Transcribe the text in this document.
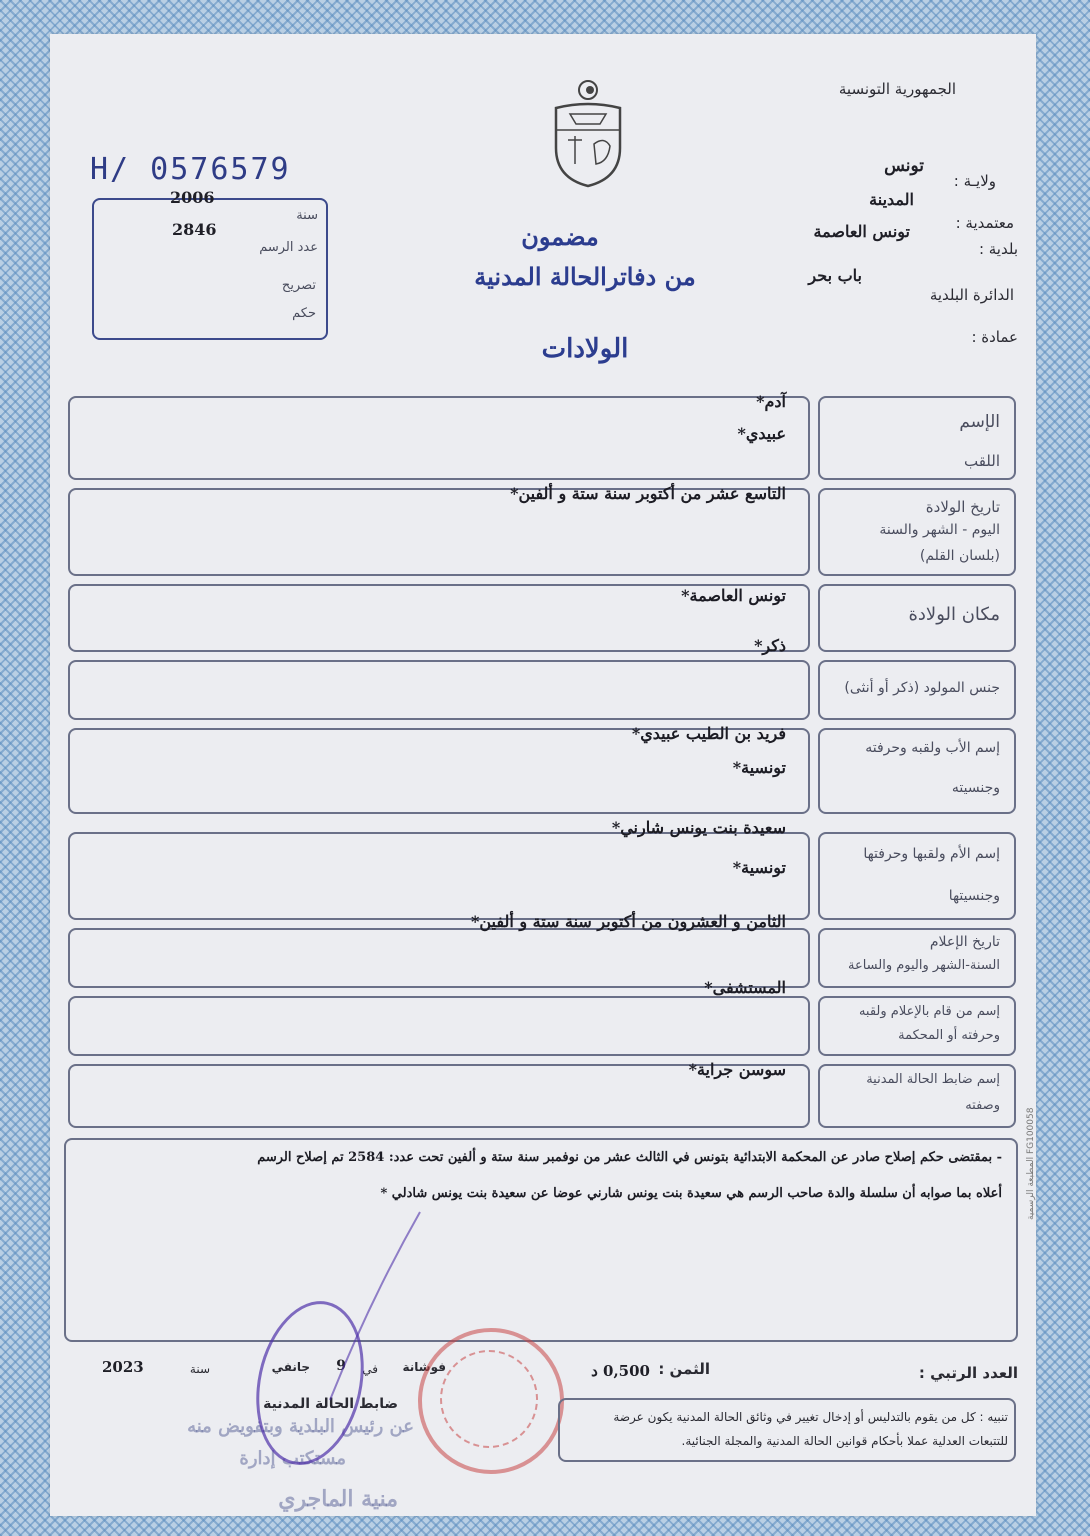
الجمهورية التونسية
ولايـة :
تونس
معتمدية :
المدينة
بلدية :
تونس العاصمة
الدائرة البلدية
باب بحر
عمادة :
H/ 0576579
2006
2846
سنة
عدد الرسم
تصريح
حكم
مضمون
من دفاترالحالة المدنية
الولادات
الإسم
اللقب
آدم*
عبيدي*
تاريخ الولادة
اليوم - الشهر والسنة
(بلسان القلم)
التاسع عشر من أكتوبر سنة ستة و ألفين*
مكان الولادة
تونس العاصمة*
جنس المولود (ذكر أو أنثى)
ذكر*
إسم الأب ولقبه وحرفته
وجنسيته
فريد بن الطيب عبيدي*
تونسية*
إسم الأم ولقبها وحرفتها
وجنسيتها
سعيدة بنت يونس شارني*
تونسية*
تاريخ الإعلام
السنة-الشهر واليوم والساعة
الثامن و العشرون من أكتوبر سنة ستة و ألفين*
إسم من قام بالإعلام ولقبه
وحرفته أو المحكمة
المستشفى*
إسم ضابط الحالة المدنية
وصفته
سوسن جراية*
- بمقتضى حكم إصلاح صادر عن المحكمة الابتدائية بتونس في الثالث عشر من نوفمبر سنة ستة و ألفين تحت عدد: 2584 تم إصلاح الرسم
أعلاه بما صوابه أن سلسلة والدة صاحب الرسم هي سعيدة بنت يونس شارني عوضا عن سعيدة بنت يونس شادلي *	المطبعة الرسمية FG100058
العدد الرتبي :
الثمن :
0,500 د
فوشانة
في
9
جانفي
سنة
2023
ضابط الحالة المدنية
عن رئيس البلدية وبتفويض منه
مستكتب إدارة
منية الماجري
تنبيه : كل من يقوم بالتدليس أو إدخال تغيير في وثائق الحالة المدنية يكون عرضة
للتتبعات العدلية عملا بأحكام قوانين الحالة المدنية والمجلة الجنائية.
